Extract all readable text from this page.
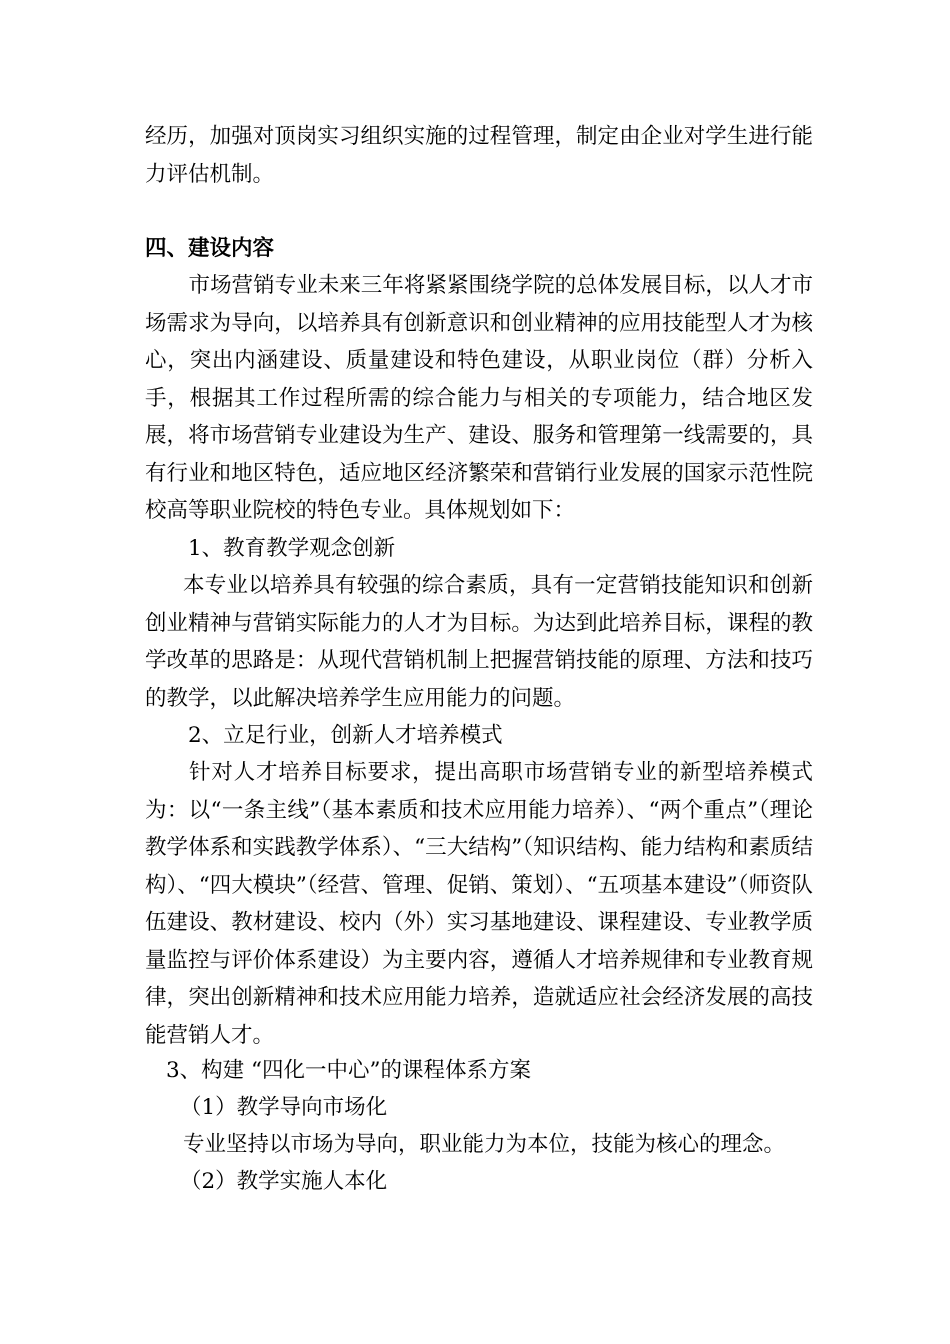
经历，加强对顶岗实习组织实施的过程管理，制定由企业对学生进行能力评估机制。

四、建设内容

　市场营销专业未来三年将紧紧围绕学院的总体发展目标，以人才市场需求为导向，以培养具有创新意识和创业精神的应用技能型人才为核心，突出内涵建设、质量建设和特色建设，从职业岗位（群）分析入手，根据其工作过程所需的综合能力与相关的专项能力，结合地区发展，将市场营销专业建设为生产、建设、服务和管理第一线需要的，具有行业和地区特色，适应地区经济繁荣和营销行业发展的国家示范性院校高等职业院校的特色专业。具体规划如下：

1、教育教学观念创新

本专业以培养具有较强的综合素质，具有一定营销技能知识和创新创业精神与营销实际能力的人才为目标。为达到此培养目标，课程的教学改革的思路是：从现代营销机制上把握营销技能的原理、方法和技巧的教学，以此解决培养学生应用能力的问题。

2、立足行业，创新人才培养模式

针对人才培养目标要求，提出高职市场营销专业的新型培养模式为：以“一条主线”（基本素质和技术应用能力培养）、“两个重点”（理论教学体系和实践教学体系）、“三大结构”（知识结构、能力结构和素质结构）、“四大模块”（经营、管理、促销、策划）、“五项基本建设”（师资队伍建设、教材建设、校内（外）实习基地建设、课程建设、专业教学质量监控与评价体系建设）为主要内容，遵循人才培养规律和专业教育规律，突出创新精神和技术应用能力培养，造就适应社会经济发展的高技能营销人才。

3、构建 “四化一中心”的课程体系方案

（1）教学导向市场化

专业坚持以市场为导向，职业能力为本位，技能为核心的理念。

（2）教学实施人本化
